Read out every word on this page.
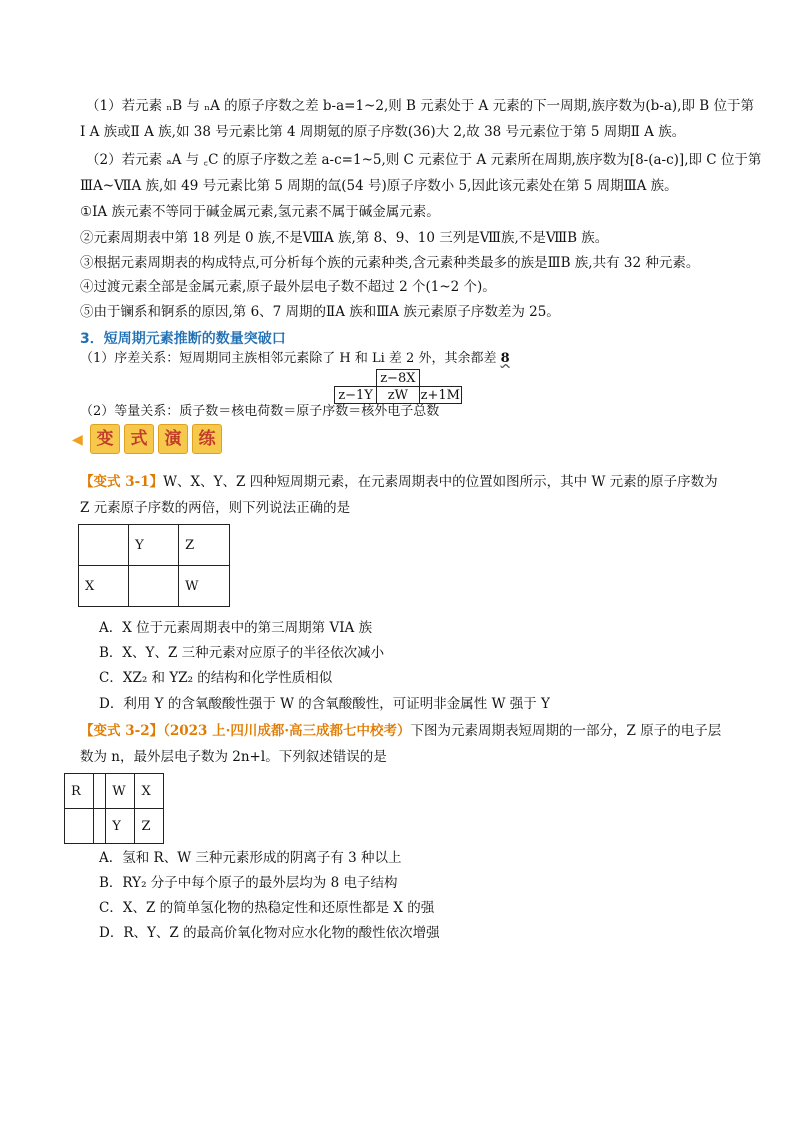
（1）若元素 ₙB 与 ₙA 的原子序数之差 b-a=1~2,则 B 元素处于 A 元素的下一周期,族序数为(b-a),即 B 位于第
Ⅰ A 族或Ⅱ A 族,如 38 号元素比第 4 周期氪的原子序数(36)大 2,故 38 号元素位于第 5 周期Ⅱ A 族。
（2）若元素 ₐA 与 ꜀C 的原子序数之差 a-c=1~5,则 C 元素位于 A 元素所在周期,族序数为[8-(a-c)],即 C 位于第
ⅢA~ⅦA 族,如 49 号元素比第 5 周期的氙(54 号)原子序数小 5,因此该元素处在第 5 周期ⅢA 族。
①ⅠA 族元素不等同于碱金属元素,氢元素不属于碱金属元素。
②元素周期表中第 18 列是 0 族,不是ⅧA 族,第 8、9、10 三列是Ⅷ族,不是ⅧB 族。
③根据元素周期表的构成特点,可分析每个族的元素种类,含元素种类最多的族是ⅢB 族,共有 32 种元素。
④过渡元素全部是金属元素,原子最外层电子数不超过 2 个(1~2 个)。
⑤由于镧系和锕系的原因,第 6、7 周期的ⅡA 族和ⅢA 族元素原子序数差为 25。
3．短周期元素推断的数量突破口
（1）序差关系：短周期同主族相邻元素除了 H 和 Li 差 2 外，其余都差 8
	z−8X	
z−1Y	zW	z+1M
（2）等量关系：质子数＝核电荷数＝原子序数＝核外电子总数
◀ 变	式	演	练
【变式 3-1】W、X、Y、Z 四种短周期元素，在元素周期表中的位置如图所示，其中 W 元素的原子序数为
Z 元素原子序数的两倍，则下列说法正确的是
	Y	Z
X		W
A．X 位于元素周期表中的第三周期第 VIA 族
B．X、Y、Z 三种元素对应原子的半径依次减小
C．XZ₂ 和 YZ₂ 的结构和化学性质相似
D．利用 Y 的含氧酸酸性强于 W 的含氧酸酸性，可证明非金属性 W 强于 Y
【变式 3-2】（2023 上·四川成都·高三成都七中校考）下图为元素周期表短周期的一部分，Z 原子的电子层
数为 n，最外层电子数为 2n+l。下列叙述错误的是
R		W	X
		Y	Z
A．氢和 R、W 三种元素形成的阴离子有 3 种以上
B．RY₂ 分子中每个原子的最外层均为 8 电子结构
C．X、Z 的简单氢化物的热稳定性和还原性都是 X 的强
D．R、Y、Z 的最高价氧化物对应水化物的酸性依次增强
